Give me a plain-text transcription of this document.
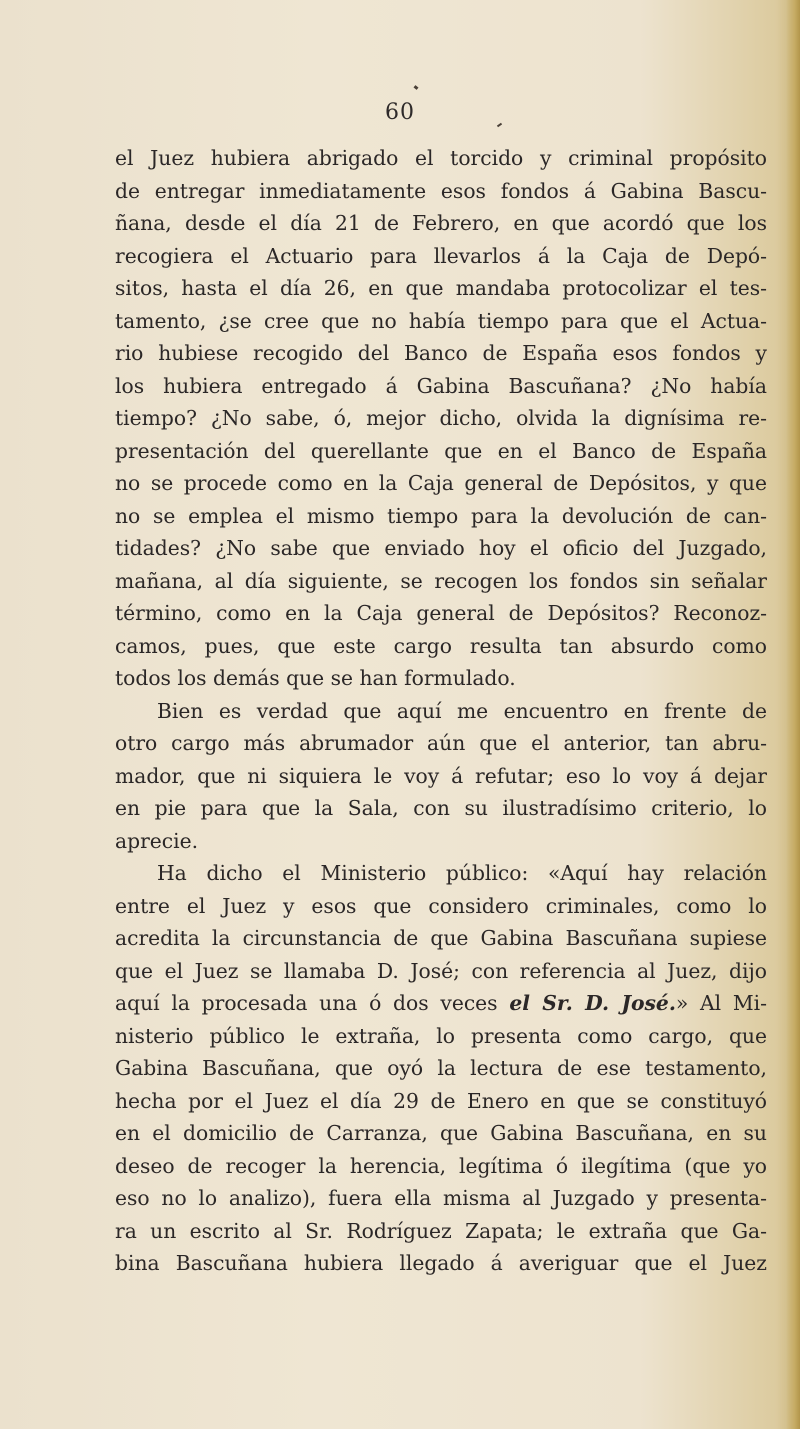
60
el Juez hubiera abrigado el torcido y criminal propósito
de entregar inmediatamente esos fondos á Gabina Bascu-
ñana, desde el día 21 de Febrero, en que acordó que los
recogiera el Actuario para llevarlos á la Caja de Depó-
sitos, hasta el día 26, en que mandaba protocolizar el tes-
tamento, ¿se cree que no había tiempo para que el Actua-
rio hubiese recogido del Banco de España esos fondos y
los hubiera entregado á Gabina Bascuñana? ¿No había
tiempo? ¿No sabe, ó, mejor dicho, olvida la dignísima re-
presentación del querellante que en el Banco de España
no se procede como en la Caja general de Depósitos, y que
no se emplea el mismo tiempo para la devolución de can-
tidades? ¿No sabe que enviado hoy el oficio del Juzgado,
mañana, al día siguiente, se recogen los fondos sin señalar
término, como en la Caja general de Depósitos? Reconoz-
camos, pues, que este cargo resulta tan absurdo como
todos los demás que se han formulado.
Bien es verdad que aquí me encuentro en frente de
otro cargo más abrumador aún que el anterior, tan abru-
mador, que ni siquiera le voy á refutar; eso lo voy á dejar
en pie para que la Sala, con su ilustradísimo criterio, lo
aprecie.
Ha dicho el Ministerio público: «Aquí hay relación
entre el Juez y esos que considero criminales, como lo
acredita la circunstancia de que Gabina Bascuñana supiese
que el Juez se llamaba D. José; con referencia al Juez, dijo
aquí la procesada una ó dos veces el Sr. D. José.» Al Mi-
nisterio público le extraña, lo presenta como cargo, que
Gabina Bascuñana, que oyó la lectura de ese testamento,
hecha por el Juez el día 29 de Enero en que se constituyó
en el domicilio de Carranza, que Gabina Bascuñana, en su
deseo de recoger la herencia, legítima ó ilegítima (que yo
eso no lo analizo), fuera ella misma al Juzgado y presenta-
ra un escrito al Sr. Rodríguez Zapata; le extraña que Ga-
bina Bascuñana hubiera llegado á averiguar que el Juez
